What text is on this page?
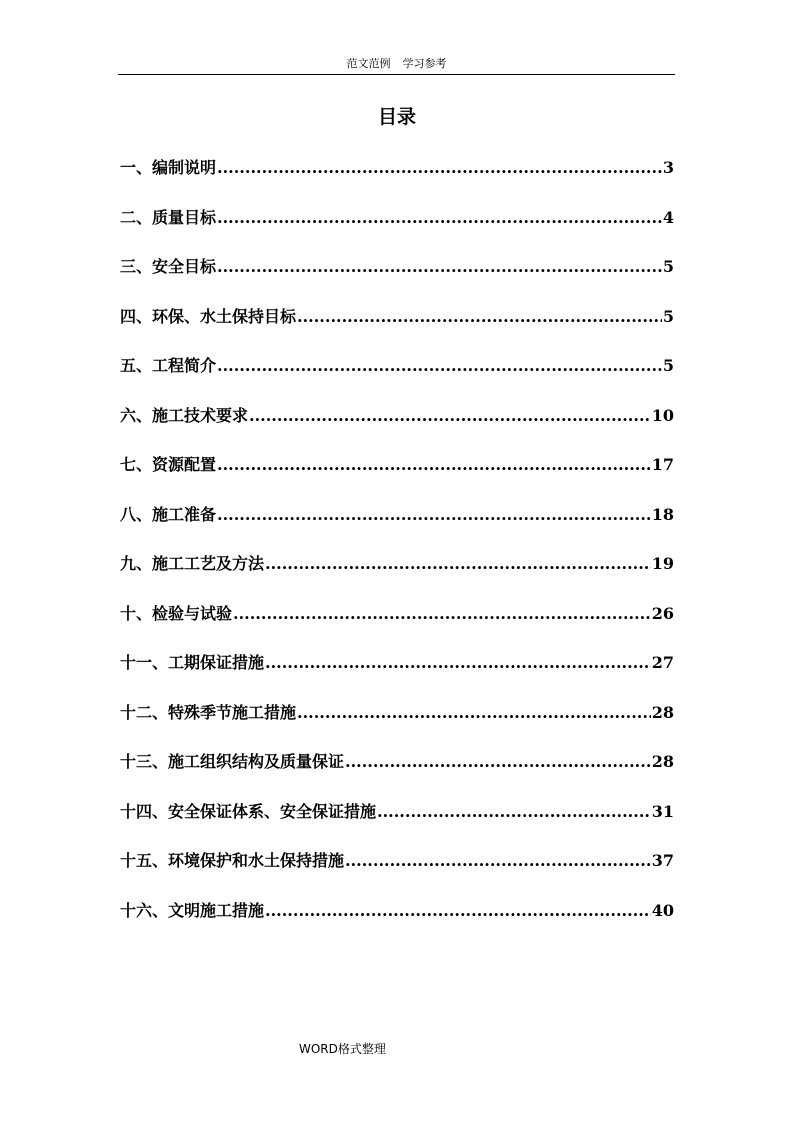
范文范例 学习参考
目录
一、编制说明 .....	3
二、质量目标 .....	4
三、安全目标 .....	5
四、环保、水土保持目标 .....	5
五、工程简介 .....	5
六、施工技术要求 .....	10
七、资源配置 .....	17
八、施工准备 .....	18
九、施工工艺及方法 .....	19
十、检验与试验 .....	26
十一、工期保证措施 .....	27
十二、特殊季节施工措施 .....	28
十三、施工组织结构及质量保证 .....	28
十四、安全保证体系、安全保证措施 .....	31
十五、环境保护和水土保持措施 .....	37
十六、文明施工措施 .....	40
WORD格式整理
